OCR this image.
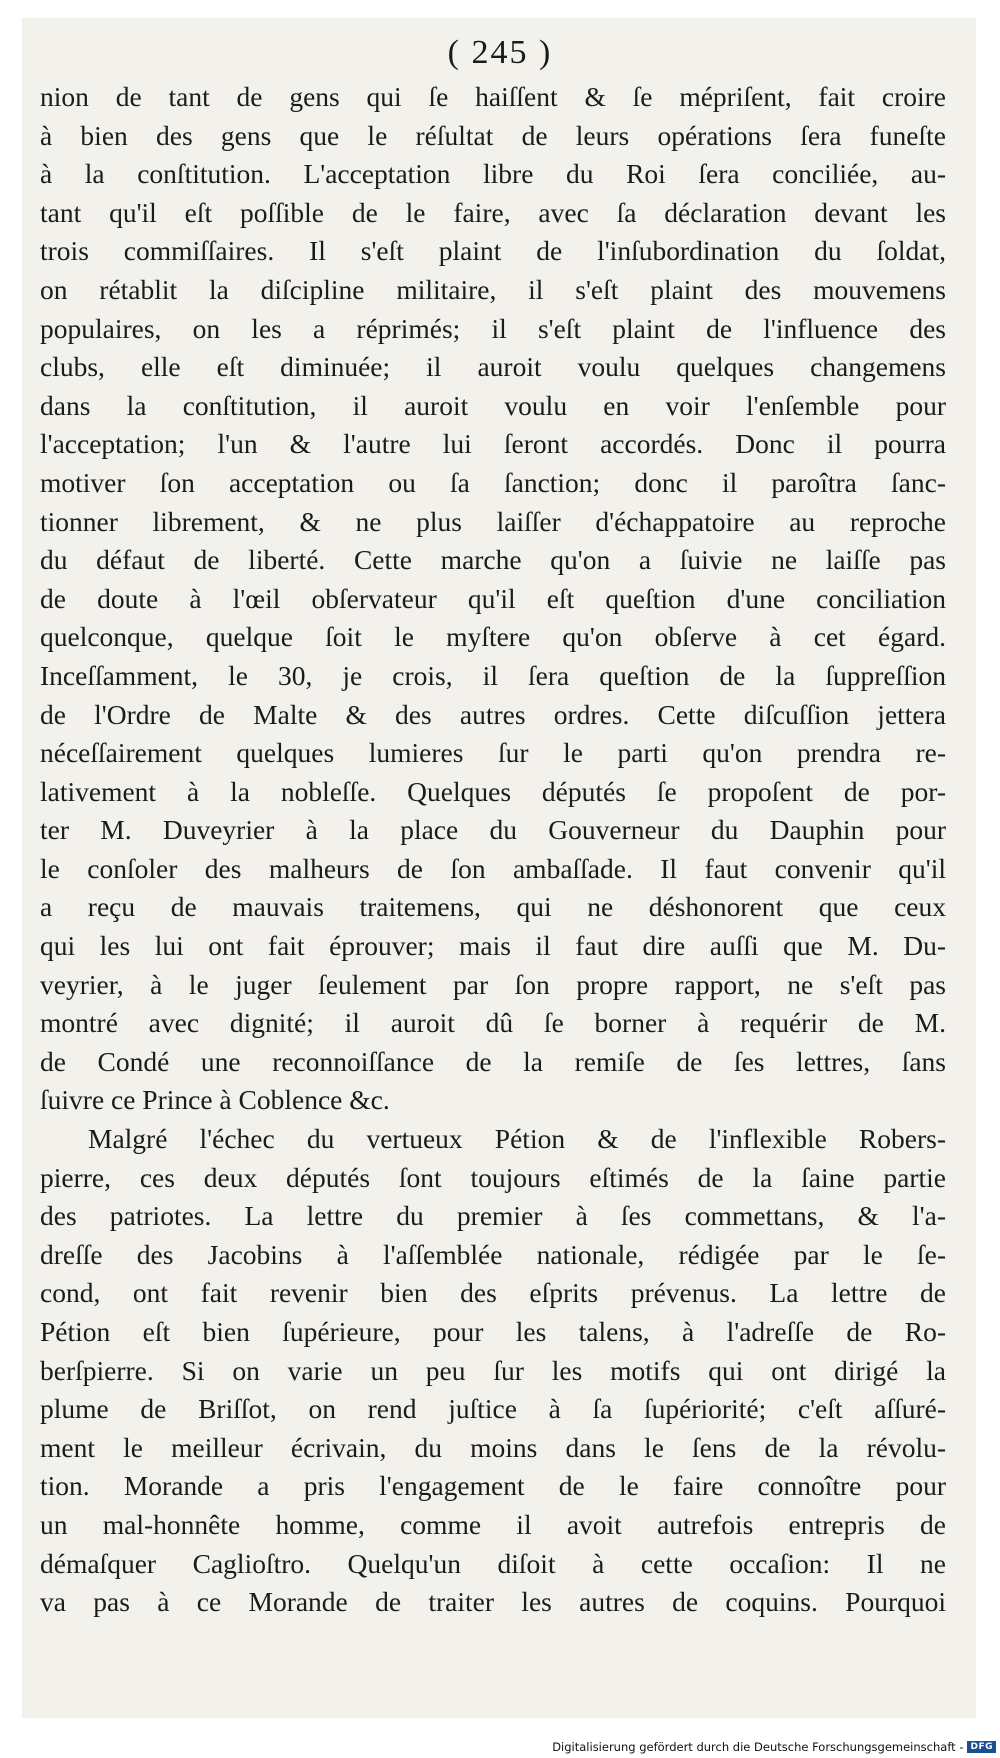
( 245 )
nion de tant de gens qui ſe haiſſent & ſe mépriſent, fait croire
à bien des gens que le réſultat de leurs opérations ſera funeſte
à la conſtitution. L'acceptation libre du Roi ſera conciliée, au-
tant qu'il eſt poſſible de le faire, avec ſa déclaration devant les
trois commiſſaires. Il s'eſt plaint de l'inſubordination du ſoldat,
on rétablit la diſcipline militaire, il s'eſt plaint des mouvemens
populaires, on les a réprimés; il s'eſt plaint de l'influence des
clubs, elle eſt diminuée; il auroit voulu quelques changemens
dans la conſtitution, il auroit voulu en voir l'enſemble pour
l'acceptation; l'un & l'autre lui ſeront accordés. Donc il pourra
motiver ſon acceptation ou ſa ſanction; donc il paroîtra ſanc-
tionner librement, & ne plus laiſſer d'échappatoire au reproche
du défaut de liberté. Cette marche qu'on a ſuivie ne laiſſe pas
de doute à l'œil obſervateur qu'il eſt queſtion d'une conciliation
quelconque, quelque ſoit le myſtere qu'on obſerve à cet égard.
Inceſſamment, le 30, je crois, il ſera queſtion de la ſuppreſſion
de l'Ordre de Malte & des autres ordres. Cette diſcuſſion jettera
néceſſairement quelques lumieres ſur le parti qu'on prendra re-
lativement à la nobleſſe. Quelques députés ſe propoſent de por-
ter M. Duveyrier à la place du Gouverneur du Dauphin pour
le conſoler des malheurs de ſon ambaſſade. Il faut convenir qu'il
a reçu de mauvais traitemens, qui ne déshonorent que ceux
qui les lui ont fait éprouver; mais il faut dire auſſi que M. Du-
veyrier, à le juger ſeulement par ſon propre rapport, ne s'eſt pas
montré avec dignité; il auroit dû ſe borner à requérir de M.
de Condé une reconnoiſſance de la remiſe de ſes lettres, ſans
ſuivre ce Prince à Coblence &c.
Malgré l'échec du vertueux Pétion & de l'inflexible Robers-
pierre, ces deux députés ſont toujours eſtimés de la ſaine partie
des patriotes. La lettre du premier à ſes commettans, & l'a-
dreſſe des Jacobins à l'aſſemblée nationale, rédigée par le ſe-
cond, ont fait revenir bien des eſprits prévenus. La lettre de
Pétion eſt bien ſupérieure, pour les talens, à l'adreſſe de Ro-
berſpierre. Si on varie un peu ſur les motifs qui ont dirigé la
plume de Briſſot, on rend juſtice à ſa ſupériorité; c'eſt aſſuré-
ment le meilleur écrivain, du moins dans le ſens de la révolu-
tion. Morande a pris l'engagement de le faire connoître pour
un mal-honnête homme, comme il avoit autrefois entrepris de
démaſquer Caglioſtro. Quelqu'un diſoit à cette occaſion: Il ne
va pas à ce Morande de traiter les autres de coquins. Pourquoi
Digitalisierung gefördert durch die Deutsche Forschungsgemeinschaft - DFG
